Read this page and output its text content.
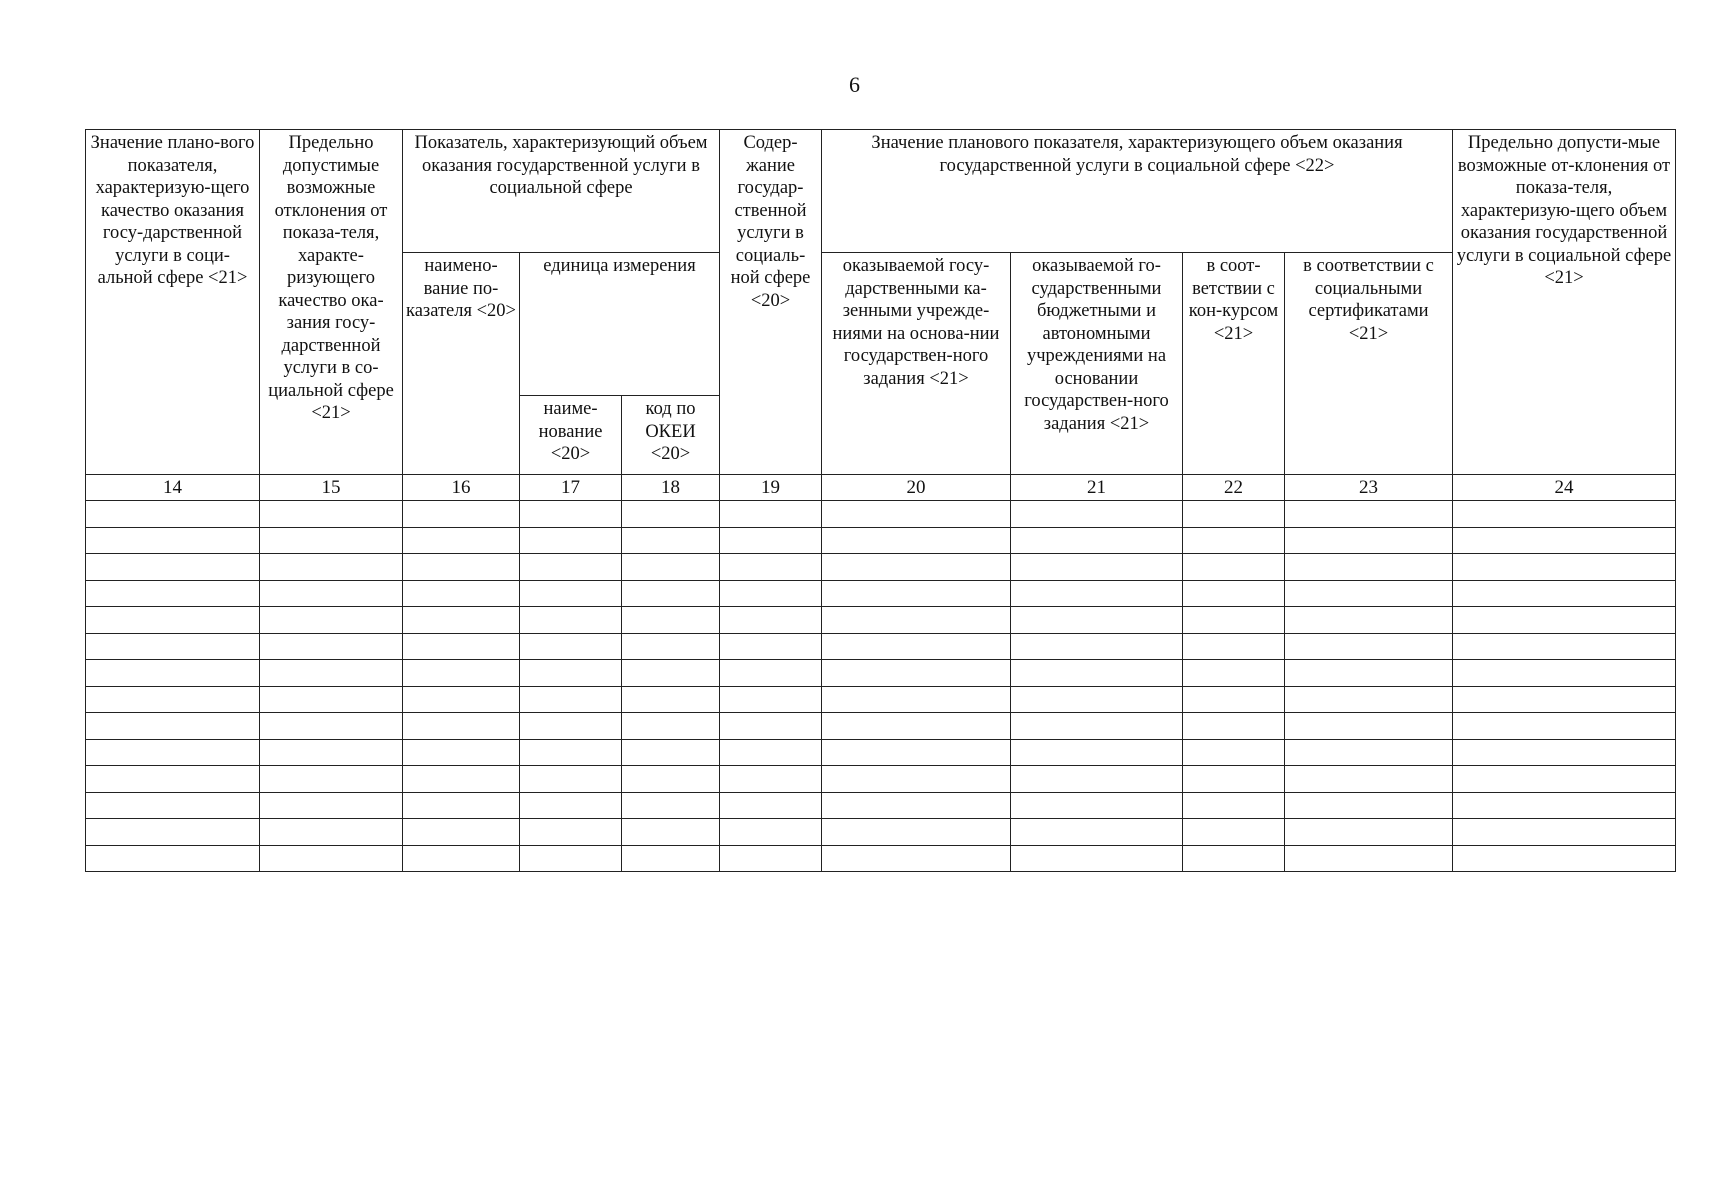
6
Значение плано-вого показателя, характеризую-щего качество оказания госу-дарственной услуги в соци-альной сфере <21>	Предельно допустимые возможные отклонения от показа-теля, характе-ризующего качество ока-зания госу-дарственной услуги в со-циальной сфере <21>	Показатель, характеризующий объем оказания государственной услуги в социальной сфере			Содер-жание государ-ственной услуги в социаль-ной сфере <20>	Значение планового показателя, характеризующего объем оказания государственной услуги в социальной сфере <22>				Предельно допусти-мые возможные от-клонения от показа-теля, характеризую-щего объем оказания государственной услуги в социальной сфере <21>
		наимено-вание по-казателя <20>	единица измерения			оказываемой госу-дарственными ка-зенными учрежде-ниями на основа-нии государствен-ного задания <21>	оказываемой го-сударственными бюджетными и автономными учреждениями на основании государствен-ного задания <21>	в соот-ветствии с кон-курсом <21>	в соответствии с социальными сертификатами <21>	
			наиме-нование <20>	код по ОКЕИ <20>						
14	15	16	17	18	19	20	21	22	23	24
